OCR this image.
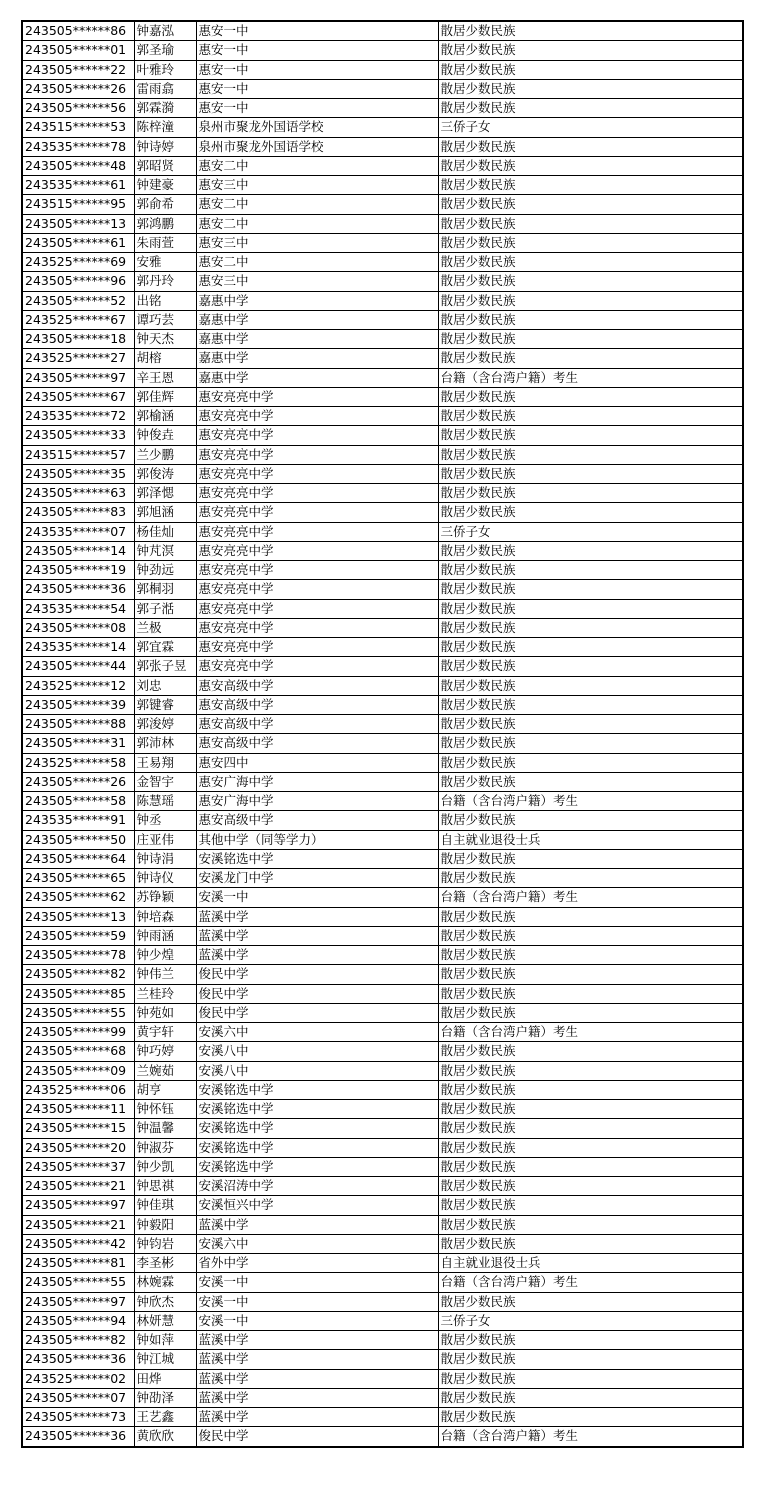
243505******86	钟嘉泓	惠安一中	散居少数民族
243505******01	郭圣瑜	惠安一中	散居少数民族
243505******22	叶雅玲	惠安一中	散居少数民族
243505******26	雷雨翕	惠安一中	散居少数民族
243505******56	郭霖漪	惠安一中	散居少数民族
243515******53	陈梓潼	泉州市聚龙外国语学校	三侨子女
243535******78	钟诗婷	泉州市聚龙外国语学校	散居少数民族
243505******48	郭昭贤	惠安二中	散居少数民族
243535******61	钟建豪	惠安三中	散居少数民族
243515******95	郭俞希	惠安二中	散居少数民族
243505******13	郭鸿鹏	惠安二中	散居少数民族
243505******61	朱雨萱	惠安三中	散居少数民族
243525******69	安雅	惠安二中	散居少数民族
243505******96	郭丹玲	惠安三中	散居少数民族
243505******52	出铭	嘉惠中学	散居少数民族
243525******67	谭巧芸	嘉惠中学	散居少数民族
243505******18	钟天杰	嘉惠中学	散居少数民族
243525******27	胡榕	嘉惠中学	散居少数民族
243505******97	辛王恩	嘉惠中学	台籍（含台湾户籍）考生
243505******67	郭佳辉	惠安亮亮中学	散居少数民族
243535******72	郭榆涵	惠安亮亮中学	散居少数民族
243505******33	钟俊垚	惠安亮亮中学	散居少数民族
243515******57	兰少鹏	惠安亮亮中学	散居少数民族
243505******35	郭俊涛	惠安亮亮中学	散居少数民族
243505******63	郭泽愢	惠安亮亮中学	散居少数民族
243505******83	郭旭涵	惠安亮亮中学	散居少数民族
243535******07	杨佳灿	惠安亮亮中学	三侨子女
243505******14	钟芃溟	惠安亮亮中学	散居少数民族
243505******19	钟劲远	惠安亮亮中学	散居少数民族
243505******36	郭桐羽	惠安亮亮中学	散居少数民族
243535******54	郭子湉	惠安亮亮中学	散居少数民族
243505******08	兰极	惠安亮亮中学	散居少数民族
243535******14	郭宜霖	惠安亮亮中学	散居少数民族
243505******44	郭张子昱	惠安亮亮中学	散居少数民族
243525******12	刘忠	惠安高级中学	散居少数民族
243505******39	郭键睿	惠安高级中学	散居少数民族
243505******88	郭浚婷	惠安高级中学	散居少数民族
243505******31	郭沛林	惠安高级中学	散居少数民族
243525******58	王易翔	惠安四中	散居少数民族
243505******26	金智宇	惠安广海中学	散居少数民族
243505******58	陈慧瑶	惠安广海中学	台籍（含台湾户籍）考生
243535******91	钟丞	惠安高级中学	散居少数民族
243505******50	庄亚伟	其他中学（同等学力）	自主就业退役士兵
243505******64	钟诗涓	安溪铭选中学	散居少数民族
243505******65	钟诗仪	安溪龙门中学	散居少数民族
243505******62	苏铮颖	安溪一中	台籍（含台湾户籍）考生
243505******13	钟培森	蓝溪中学	散居少数民族
243505******59	钟雨涵	蓝溪中学	散居少数民族
243505******78	钟少煌	蓝溪中学	散居少数民族
243505******82	钟伟兰	俊民中学	散居少数民族
243505******85	兰桂玲	俊民中学	散居少数民族
243505******55	钟苑如	俊民中学	散居少数民族
243505******99	黄宇轩	安溪六中	台籍（含台湾户籍）考生
243505******68	钟巧婷	安溪八中	散居少数民族
243505******09	兰婉茹	安溪八中	散居少数民族
243525******06	胡亨	安溪铭选中学	散居少数民族
243505******11	钟怀钰	安溪铭选中学	散居少数民族
243505******15	钟温馨	安溪铭选中学	散居少数民族
243505******20	钟淑芬	安溪铭选中学	散居少数民族
243505******37	钟少凯	安溪铭选中学	散居少数民族
243505******21	钟思祺	安溪沼涛中学	散居少数民族
243505******97	钟佳琪	安溪恒兴中学	散居少数民族
243505******21	钟毅阳	蓝溪中学	散居少数民族
243505******42	钟钧岩	安溪六中	散居少数民族
243505******81	李圣彬	省外中学	自主就业退役士兵
243505******55	林婉霖	安溪一中	台籍（含台湾户籍）考生
243505******97	钟欣杰	安溪一中	散居少数民族
243505******94	林妍慧	安溪一中	三侨子女
243505******82	钟如萍	蓝溪中学	散居少数民族
243505******36	钟江城	蓝溪中学	散居少数民族
243525******02	田烨	蓝溪中学	散居少数民族
243505******07	钟劭泽	蓝溪中学	散居少数民族
243505******73	王艺鑫	蓝溪中学	散居少数民族
243505******36	黄欣欣	俊民中学	台籍（含台湾户籍）考生
